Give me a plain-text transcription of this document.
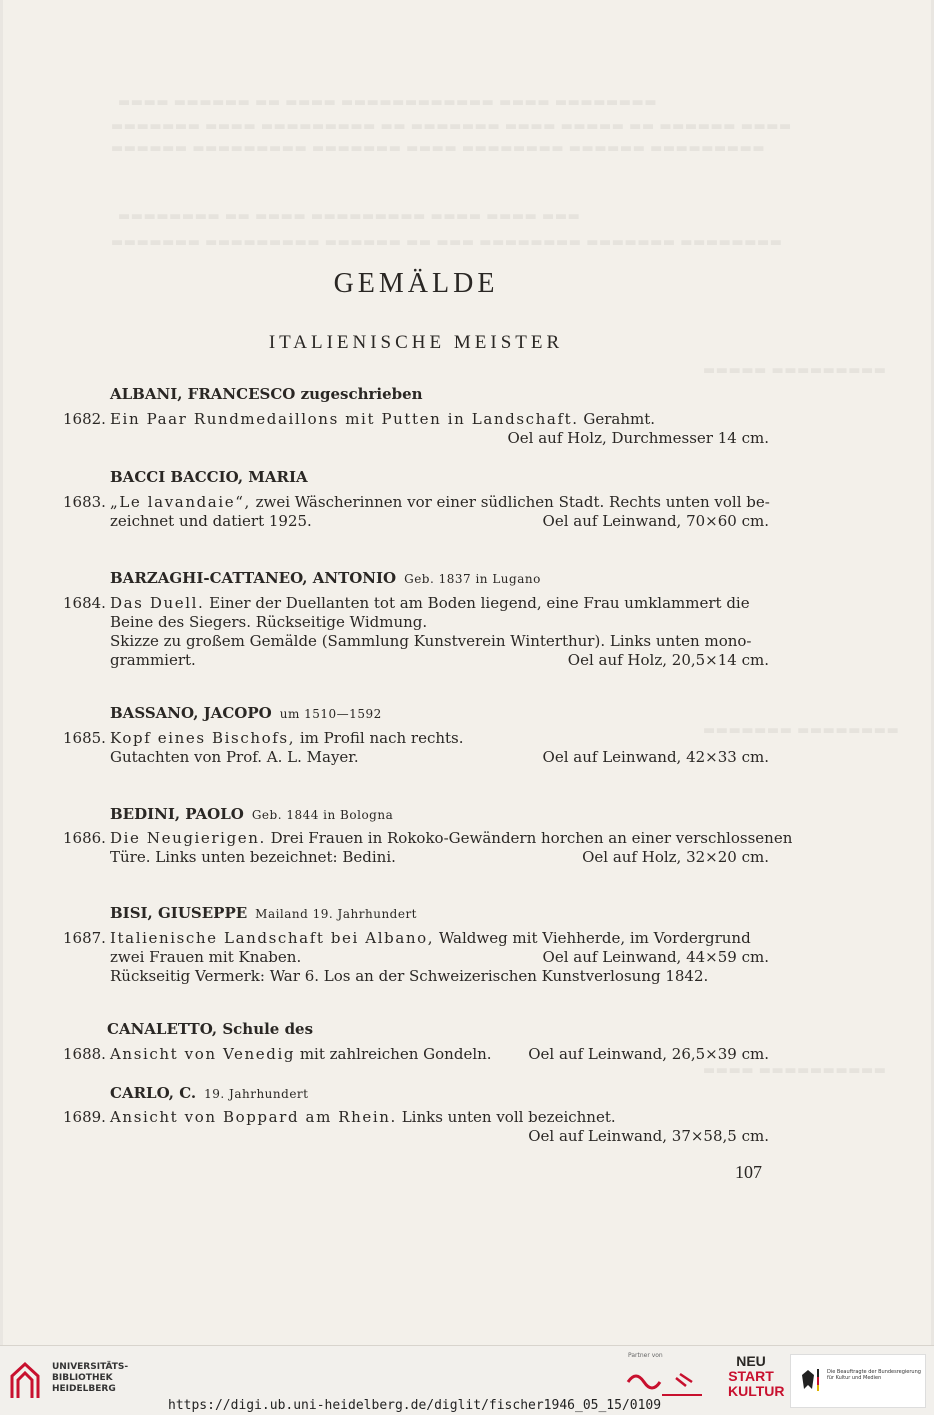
▬▬▬▬ ▬▬▬▬▬▬ ▬▬ ▬▬▬▬ ▬▬▬▬▬▬▬▬▬▬▬▬ ▬▬▬▬ ▬▬▬▬▬▬▬▬
▬▬▬▬▬▬▬ ▬▬▬▬ ▬▬▬▬▬▬▬▬▬ ▬▬ ▬▬▬▬▬▬▬ ▬▬▬▬ ▬▬▬▬▬ ▬▬ ▬▬▬▬▬▬ ▬▬▬▬
▬▬▬▬▬▬ ▬▬▬▬▬▬▬▬▬ ▬▬▬▬▬▬▬ ▬▬▬▬ ▬▬▬▬▬▬▬▬ ▬▬▬▬▬▬ ▬▬▬▬▬▬▬▬▬
▬▬▬▬▬▬▬▬ ▬▬ ▬▬▬▬ ▬▬▬▬▬▬▬▬▬ ▬▬▬▬ ▬▬▬▬ ▬▬▬
▬▬▬▬▬▬▬ ▬▬▬▬▬▬▬▬▬ ▬▬▬▬▬▬ ▬▬ ▬▬▬ ▬▬▬▬▬▬▬▬ ▬▬▬▬▬▬▬ ▬▬▬▬▬▬▬▬
▬▬▬▬▬ ▬▬▬▬▬▬▬▬▬
▬▬▬▬▬▬▬ ▬▬▬▬▬▬▬▬
▬▬▬▬ ▬▬▬▬▬▬▬▬▬▬
GEMÄLDE
ITALIENISCHE MEISTER
ALBANI, FRANCESCO zugeschrieben
1682. Ein Paar Rundmedaillons mit Putten in Landschaft. Gerahmt.
Oel auf Holz, Durchmesser 14 cm.
BACCI BACCIO, MARIA
1683. „Le lavandaie“, zwei Wäscherinnen vor einer südlichen Stadt. Rechts unten voll be-
zeichnet und datiert 1925.	Oel auf Leinwand, 70×60 cm.
BARZAGHI-CATTANEO, ANTONIO Geb. 1837 in Lugano
1684. Das Duell. Einer der Duellanten tot am Boden liegend, eine Frau umklammert die
Beine des Siegers. Rückseitige Widmung.
Skizze zu großem Gemälde (Sammlung Kunstverein Winterthur). Links unten mono-
grammiert.	Oel auf Holz, 20,5×14 cm.
BASSANO, JACOPO um 1510—1592
1685. Kopf eines Bischofs, im Profil nach rechts.
Gutachten von Prof. A. L. Mayer.	Oel auf Leinwand, 42×33 cm.
BEDINI, PAOLO Geb. 1844 in Bologna
1686. Die Neugierigen. Drei Frauen in Rokoko-Gewändern horchen an einer verschlossenen
Türe. Links unten bezeichnet: Bedini.	Oel auf Holz, 32×20 cm.
BISI, GIUSEPPE Mailand 19. Jahrhundert
1687. Italienische Landschaft bei Albano, Waldweg mit Viehherde, im Vordergrund
zwei Frauen mit Knaben.	Oel auf Leinwand, 44×59 cm.
Rückseitig Vermerk: War 6. Los an der Schweizerischen Kunstverlosung 1842.
CANALETTO, Schule des
1688. Ansicht von Venedig mit zahlreichen Gondeln. Oel auf Leinwand, 26,5×39 cm.
CARLO, C. 19. Jahrhundert
1689. Ansicht von Boppard am Rhein. Links unten voll bezeichnet.
Oel auf Leinwand, 37×58,5 cm.
107
UNIVERSITÄTS-
BIBLIOTHEK
HEIDELBERG
https://digi.ub.uni-heidelberg.de/diglit/fischer1946_05_15/0109
Partner von	NEU
START
KULTUR
Die Beauftragte der Bundesregierung
für Kultur und Medien
